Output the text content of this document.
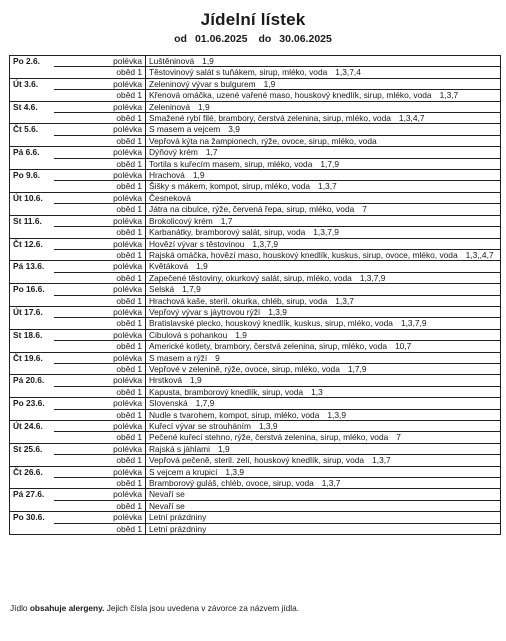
Jídelní lístek
od 01.06.2025 do 30.06.2025
Po 2.6.	polévka	Luštěninová 1,9
	oběd 1	Těstovinový salát s tuňákem, sirup, mléko, voda 1,3,7,4
Út 3.6.	polévka	Zeleninový vývar s bulgurem 1,9
	oběd 1	Křenová omáčka, uzené vařené maso, houskový knedlík, sirup, mléko, voda 1,3,7
St 4.6.	polévka	Zeleninová 1,9
	oběd 1	Smažené rybí filé, brambory, čerstvá zelenina, sirup, mléko, voda 1,3,4,7
Čt 5.6.	polévka	S masem a vejcem 3,9
	oběd 1	Vepřová kýta na žampionech, rýže, ovoce, sirup, mléko, voda
Pá 6.6.	polévka	Dýňový krém 1,7
	oběd 1	Tortila s kuřecím masem, sirup, mléko, voda 1,7,9
Po 9.6.	polévka	Hrachová 1,9
	oběd 1	Šišky s mákem, kompot, sirup, mléko, voda 1,3,7
Út 10.6.	polévka	Česneková
	oběd 1	Játra na cibulce, rýže, červená řepa, sirup, mléko, voda 7
St 11.6.	polévka	Brokolicový krém 1,7
	oběd 1	Karbanátky, bramborový salát, sirup, voda 1,3,7,9
Čt 12.6.	polévka	Hovězí vývar s těstovinou 1,3,7,9
	oběd 1	Rajská omáčka, hovězí maso, houskový knedlík, kuskus, sirup, ovoce, mléko, voda 1,3,,4,7
Pá 13.6.	polévka	Květáková 1,9
	oběd 1	Zapečené těstoviny, okurkový salát, sirup, mléko, voda 1,3,7,9
Po 16.6.	polévka	Selská 1,7,9
	oběd 1	Hrachová kaše, steril. okurka, chléb, sirup, voda 1,3,7
Út 17.6.	polévka	Vepřový vývar s jáytrovou rýží 1,3,9
	oběd 1	Bratislavské plecko, houskový knedlík, kuskus, sirup, mléko, voda 1,3,7,9
St 18.6.	polévka	Cibulová s pohankou 1,9
	oběd 1	Americké kotlety, brambory, čerstvá zelenina, sirup, mléko, voda 10,7
Čt 19.6.	polévka	S masem a rýží 9
	oběd 1	Vepřové v zelenině, rýže, ovoce, sirup, mléko, voda 1,7,9
Pá 20.6.	polévka	Hrstková 1,9
	oběd 1	Kapusta, bramborový knedlík, sirup, voda 1,3
Po 23.6.	polévka	Slovenská 1,7,9
	oběd 1	Nudle s tvarohem, kompot, sirup, mléko, voda 1,3,9
Út 24.6.	polévka	Kuřecí vývar se strouháním 1,3,9
	oběd 1	Pečené kuřecí stehno, rýže, čerstvá zelenina, sirup, mléko, voda 7
St 25.6.	polévka	Rajská s jáhlami 1,9
	oběd 1	Vepřová pečeně, steril. zelí, houskový knedlík, sirup, voda 1,3,7
Čt 26.6.	polévka	S vejcem a krupicí 1,3,9
	oběd 1	Bramborový guláš, chléb, ovoce, sirup, voda 1,3,7
Pá 27.6.	polévka	Nevaří se
	oběd 1	Nevaří se
Po 30.6.	polévka	Letní prázdniny
	oběd 1	Letní prázdniny
Jídlo obsahuje alergeny. Jejich čísla jsou uvedena v závorce za názvem jídla.
